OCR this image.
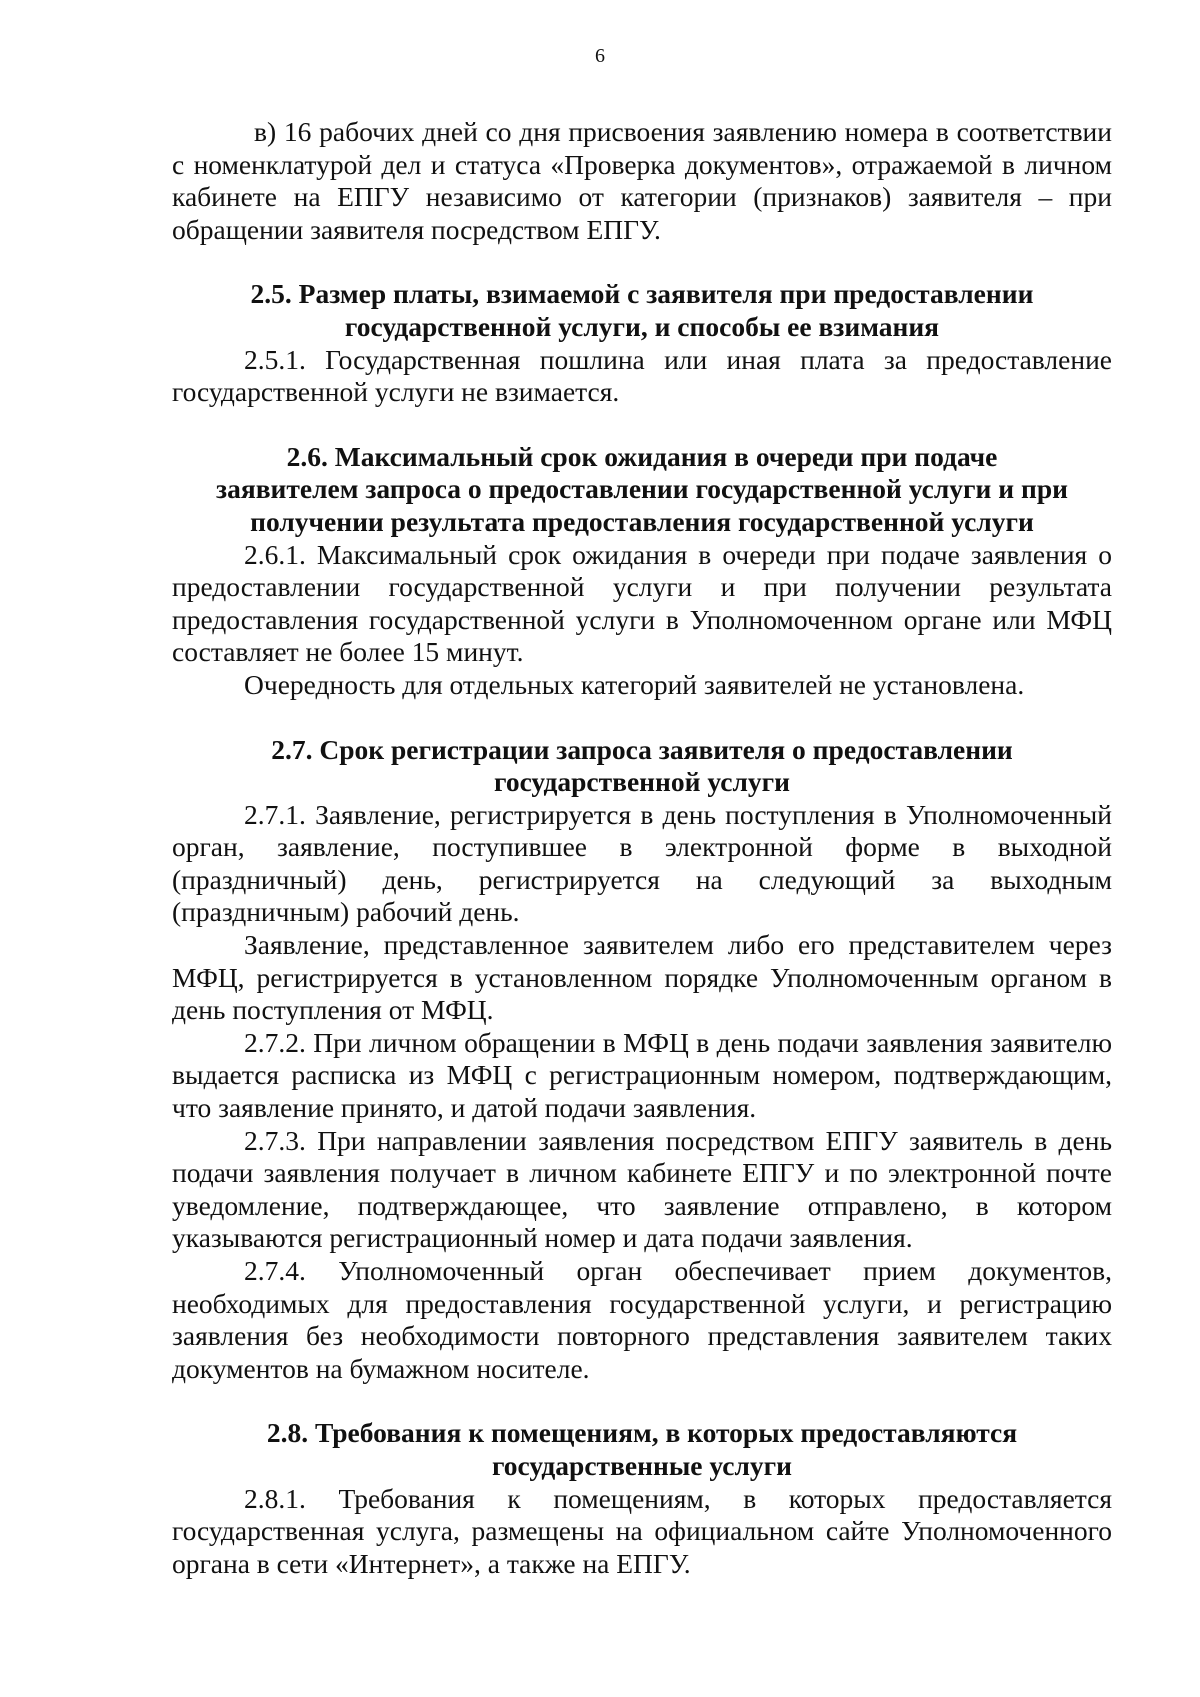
6

в) 16 рабочих дней со дня присвоения заявлению номера в соответствии с номенклатурой дел и статуса «Проверка документов», отражаемой в личном кабинете на ЕПГУ независимо от категории (признаков) заявителя – при обращении заявителя посредством ЕПГУ.

2.5. Размер платы, взимаемой с заявителя при предоставлении
государственной услуги, и способы ее взимания

2.5.1. Государственная пошлина или иная плата за предоставление государственной услуги не взимается.

2.6. Максимальный срок ожидания в очереди при подаче
заявителем запроса о предоставлении государственной услуги и при
получении результата предоставления государственной услуги

2.6.1. Максимальный срок ожидания в очереди при подаче заявления о предоставлении государственной услуги и при получении результата предоставления государственной услуги в Уполномоченном органе или МФЦ составляет не более 15 минут.

Очередность для отдельных категорий заявителей не установлена.

2.7. Срок регистрации запроса заявителя о предоставлении
государственной услуги

2.7.1. Заявление, регистрируется в день поступления в Уполномоченный орган, заявление, поступившее в электронной форме в выходной (праздничный) день, регистрируется на следующий за выходным (праздничным) рабочий день.

Заявление, представленное заявителем либо его представителем через МФЦ, регистрируется в установленном порядке Уполномоченным органом в день поступления от МФЦ.

2.7.2. При личном обращении в МФЦ в день подачи заявления заявителю выдается расписка из МФЦ с регистрационным номером, подтверждающим, что заявление принято, и датой подачи заявления.

2.7.3. При направлении заявления посредством ЕПГУ заявитель в день подачи заявления получает в личном кабинете ЕПГУ и по электронной почте уведомление, подтверждающее, что заявление отправлено, в котором указываются регистрационный номер и дата подачи заявления.

2.7.4. Уполномоченный орган обеспечивает прием документов, необходимых для предоставления государственной услуги, и регистрацию заявления без необходимости повторного представления заявителем таких документов на бумажном носителе.

2.8. Требования к помещениям, в которых предоставляются
государственные услуги

2.8.1. Требования к помещениям, в которых предоставляется государственная услуга, размещены на официальном сайте Уполномоченного органа в сети «Интернет», а также на ЕПГУ.
